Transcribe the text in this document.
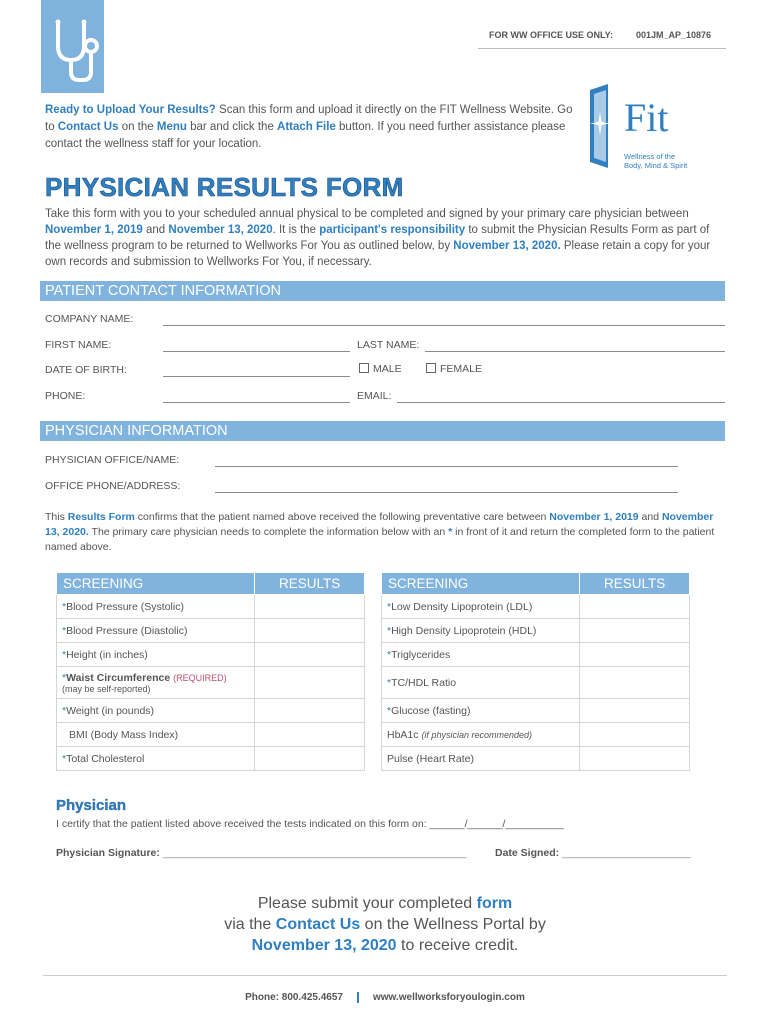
FOR WW OFFICE USE ONLY:	001JM_AP_10876
Ready to Upload Your Results? Scan this form and upload it directly on the FIT Wellness Website. Go to Contact Us on the Menu bar and click the Attach File button. If you need further assistance please contact the wellness staff for your location.
Fit
Wellness of the
Body, Mind & Spirit
PHYSICIAN RESULTS FORM
Take this form with you to your scheduled annual physical to be completed and signed by your primary care physician between November 1, 2019 and November 13, 2020. It is the participant's responsibility to submit the Physician Results Form as part of the wellness program to be returned to Wellworks For You as outlined below, by November 13, 2020. Please retain a copy for your own records and submission to Wellworks For You, if necessary.
PATIENT CONTACT INFORMATION
COMPANY NAME:
FIRST NAME:	LAST NAME:
DATE OF BIRTH:	MALE	FEMALE
PHONE:	EMAIL:
PHYSICIAN INFORMATION
PHYSICIAN OFFICE/NAME:
OFFICE PHONE/ADDRESS:
This Results Form confirms that the patient named above received the following preventative care between November 1, 2019 and November 13, 2020. The primary care physician needs to complete the information below with an * in front of it and return the completed form to the patient named above.
SCREENING	RESULTS
*Blood Pressure (Systolic)	
*Blood Pressure (Diastolic)	
*Height (in inches)	
*Waist Circumference (REQUIRED)
(may be self-reported)	

*Weight (in pounds)	
BMI (Body Mass Index)	
*Total Cholesterol	
SCREENING	RESULTS
*Low Density Lipoprotein (LDL)	
*High Density Lipoprotein (HDL)	
*Triglycerides	
*TC/HDL Ratio	
*Glucose (fasting)	
HbA1c (if physician recommended)	
Pulse (Heart Rate)	
Physician
I certify that the patient listed above received the tests indicated on this form on: ______/______/__________
Physician Signature: ____________________________________________________	Date Signed: ______________________
Please submit your completed form
via the Contact Us on the Wellness Portal by
November 13, 2020 to receive credit.
Phone: 800.425.4657	www.wellworksforyoulogin.com
